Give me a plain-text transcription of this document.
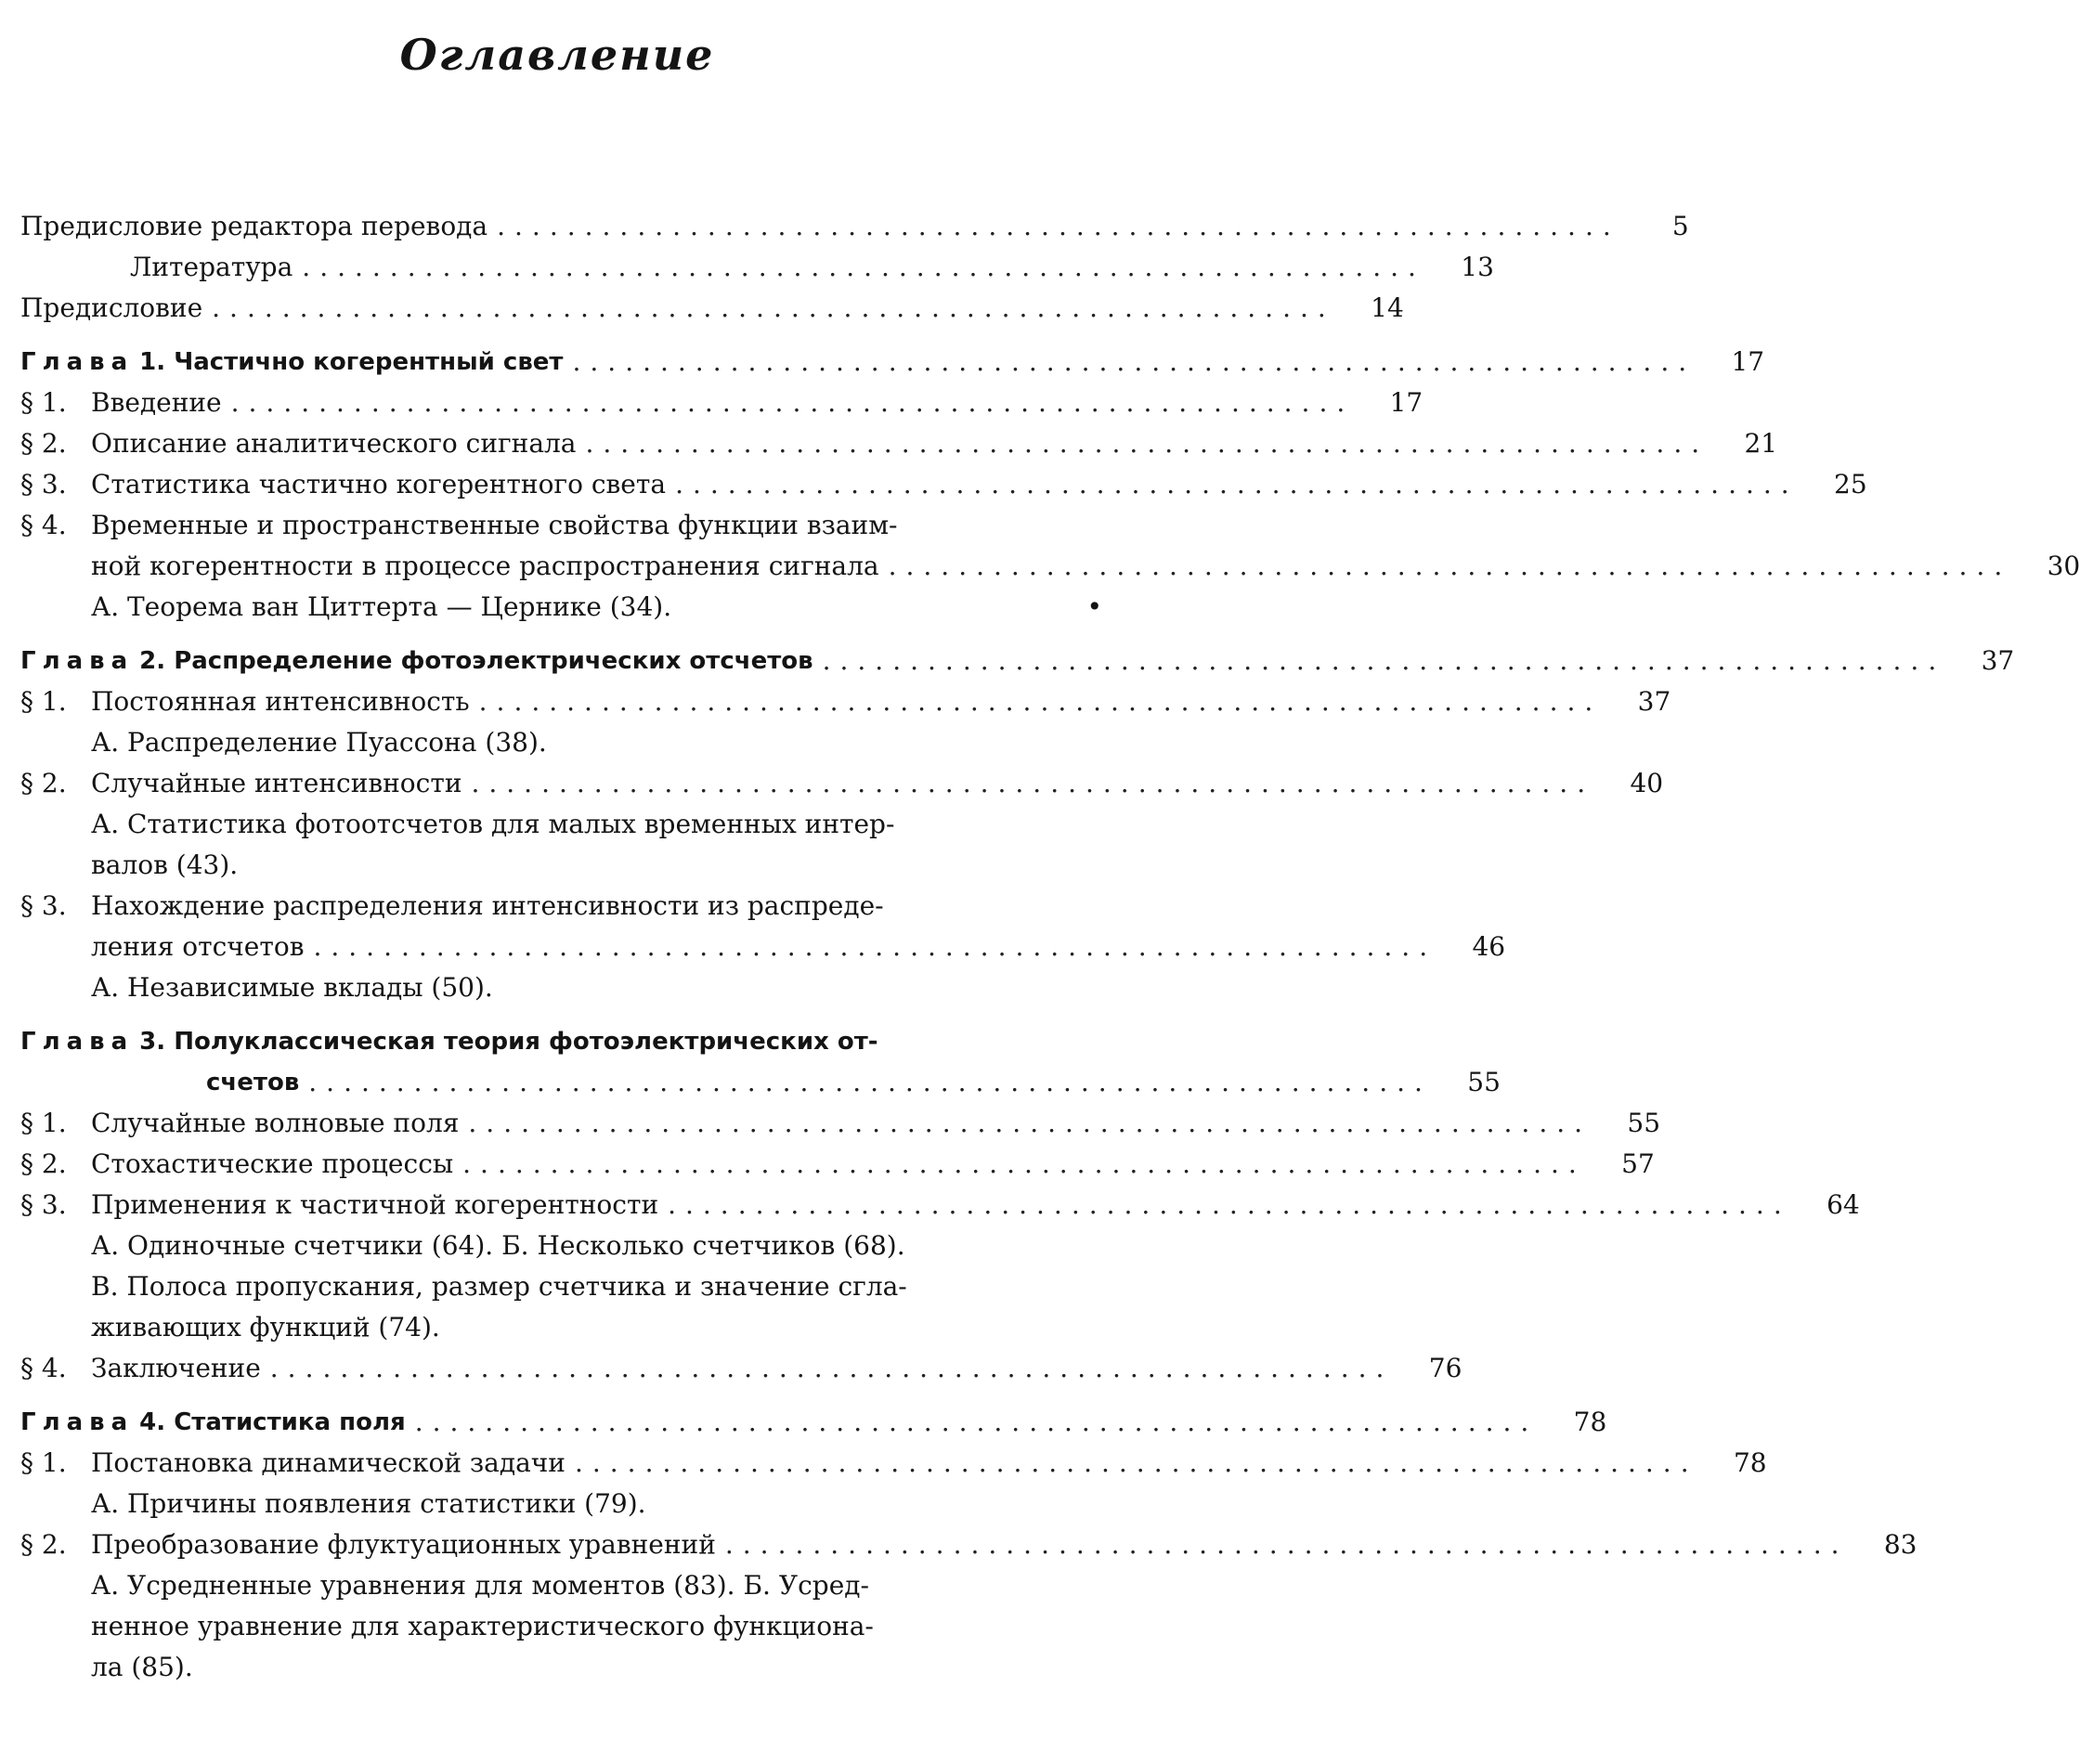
Оглавление
Предисловие редактора перевода ................................................................	5
Литература ................................................................	13
Предисловие ................................................................	14
Глава 1. Частично когерентный свет ................................................................	17
§ 1. Введение ................................................................	17
§ 2. Описание аналитического сигнала ................................................................	21
§ 3. Статистика частично когерентного света ................................................................	25
§ 4. Временные и пространственные свойства функции взаим-
ной когерентности в процессе распространения сигнала ................................................................	30
А. Теорема ван Циттерта — Цернике (34).	•
Глава 2. Распределение фотоэлектрических отсчетов ................................................................	37
§ 1. Постоянная интенсивность ................................................................	37
А. Распределение Пуассона (38).
§ 2. Случайные интенсивности ................................................................	40
А. Статистика фотоотсчетов для малых временных интер-
валов (43).
§ 3. Нахождение распределения интенсивности из распреде-
ления отсчетов ................................................................	46
А. Независимые вклады (50).
Глава 3. Полуклассическая теория фотоэлектрических от-
счетов ................................................................	55
§ 1. Случайные волновые поля ................................................................	55
§ 2. Стохастические процессы ................................................................	57
§ 3. Применения к частичной когерентности ................................................................	64
А. Одиночные счетчики (64). Б. Несколько счетчиков (68).
В. Полоса пропускания, размер счетчика и значение сгла-
живающих функций (74).
§ 4. Заключение ................................................................	76
Глава 4. Статистика поля ................................................................	78
§ 1. Постановка динамической задачи ................................................................	78
А. Причины появления статистики (79).
§ 2. Преобразование флуктуационных уравнений ................................................................	83
А. Усредненные уравнения для моментов (83). Б. Усред-
ненное уравнение для характеристического функциона-
ла (85).
